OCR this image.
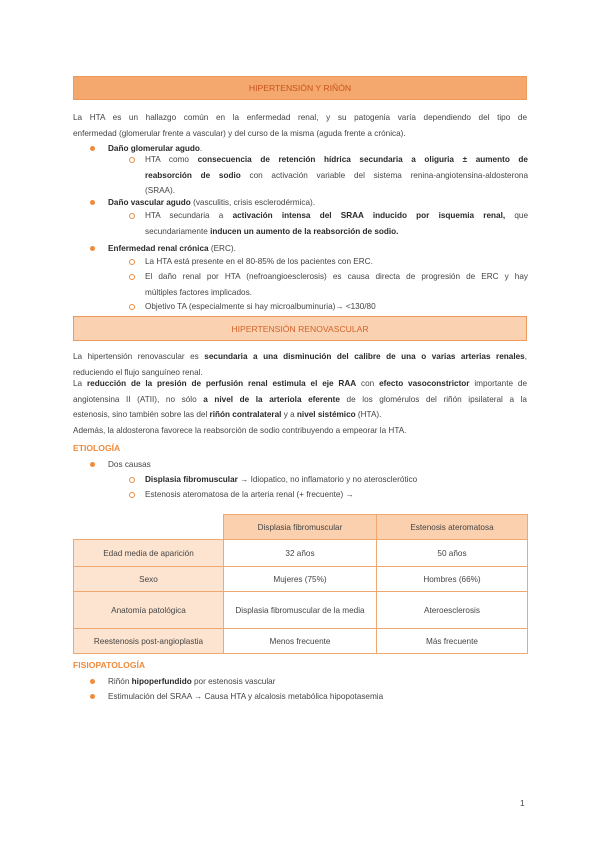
HIPERTENSIÓN Y RIÑÓN

La HTA es un hallazgo común en la enfermedad renal, y su patogenia varía dependiendo del tipo de
enfermedad (glomerular frente a vascular) y del curso de la misma (aguda frente a crónica).

Daño glomerular agudo.

HTA como consecuencia de retención hídrica secundaria a oliguria ± aumento de
reabsorción de sodio con activación variable del sistema renina-angiotensina-aldosterona
(SRAA).

Daño vascular agudo (vasculitis, crisis esclerodérmica).

HTA secundaria a activación intensa del SRAA inducido por isquemia renal, que
secundariamente inducen un aumento de la reabsorción de sodio.

Enfermedad renal crónica (ERC).

La HTA está presente en el 80-85% de los pacientes con ERC.

El daño renal por HTA (nefroangioesclerosis) es causa directa de progresión de ERC y hay
múltiples factores implicados.

Objetivo TA (especialmente si hay microalbuminuria)→ <130/80

HIPERTENSIÓN RENOVASCULAR

La hipertensión renovascular es secundaria a una disminución del calibre de una o varias arterias renales,
reduciendo el flujo sanguíneo renal.

La reducción de la presión de perfusión renal estimula el eje RAA con efecto vasoconstrictor importante de
angiotensina II (ATII), no sólo a nivel de la arteriola eferente de los glomérulos del riñón ipsilateral a la
estenosis, sino también sobre las del riñón contralateral y a nivel sistémico (HTA).
Además, la aldosterona favorece la reabsorción de sodio contribuyendo a empeorar la HTA.

ETIOLOGÍA

Dos causas

Displasia fibromuscular → Idiopatico, no inflamatorio y no aterosclerótico

Estenosis ateromatosa de la arteria renal (+ frecuente) →

	Displasia fibromuscular	Estenosis ateromatosa
Edad media de aparición	32 años	50 años
Sexo	Mujeres (75%)	Hombres (66%)
Anatomía patológica	Displasia fibromuscular de la media	Ateroesclerosis
Reestenosis post-angioplastia	Menos frecuente	Más frecuente

FISIOPATOLOGÍA

Riñón hipoperfundido por estenosis vascular

Estimulación del SRAA → Causa HTA y alcalosis metabólica hipopotasemia

1
